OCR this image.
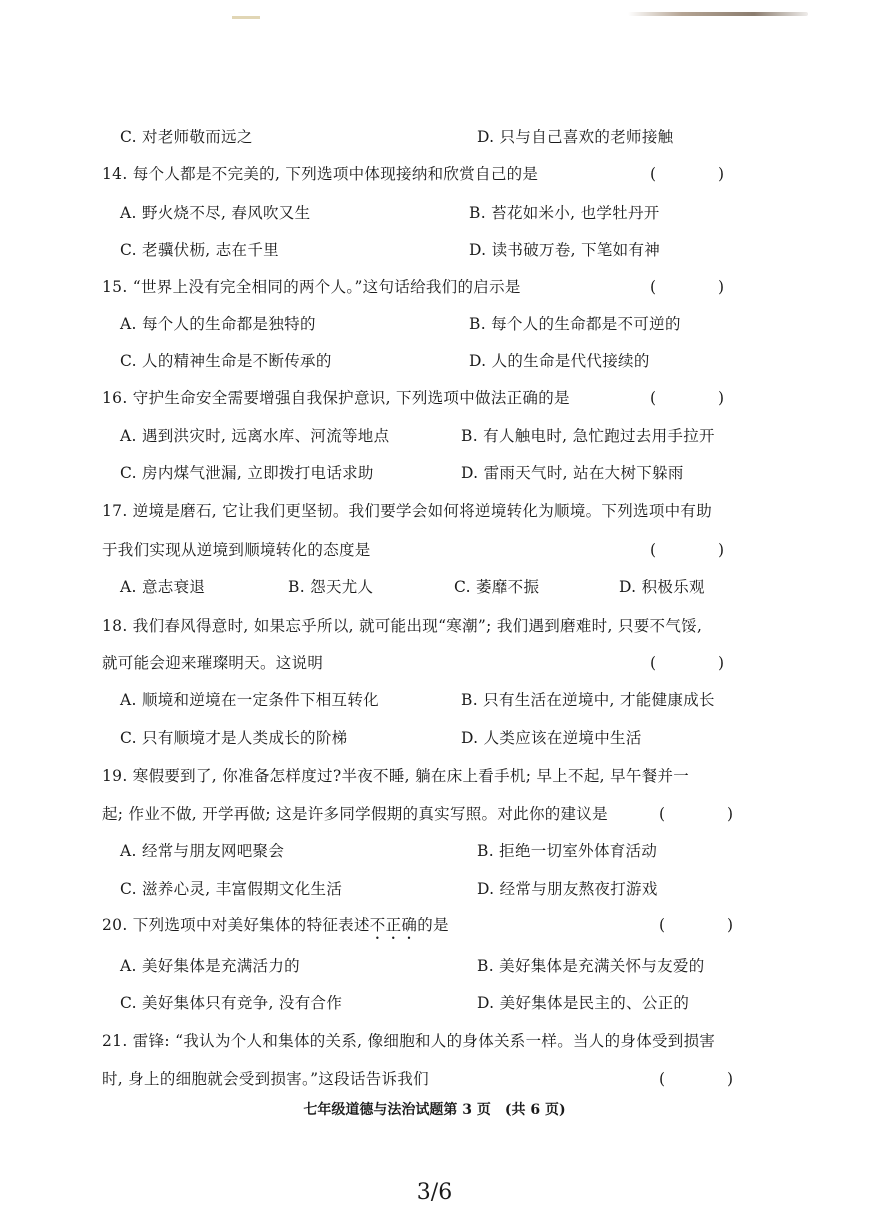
C. 对老师敬而远之	D. 只与自己喜欢的老师接触
14. 每个人都是不完美的, 下列选项中体现接纳和欣赏自己的是	(　　　　)
A. 野火烧不尽, 春风吹又生	B. 苔花如米小, 也学牡丹开
C. 老骥伏枥, 志在千里	D. 读书破万卷, 下笔如有神
15. “世界上没有完全相同的两个人。”这句话给我们的启示是	(　　　　)
A. 每个人的生命都是独特的	B. 每个人的生命都是不可逆的
C. 人的精神生命是不断传承的	D. 人的生命是代代接续的
16. 守护生命安全需要增强自我保护意识, 下列选项中做法正确的是	(　　　　)
A. 遇到洪灾时, 远离水库、河流等地点	B. 有人触电时, 急忙跑过去用手拉开
C. 房内煤气泄漏, 立即拨打电话求助	D. 雷雨天气时, 站在大树下躲雨
17. 逆境是磨石, 它让我们更坚韧。我们要学会如何将逆境转化为顺境。下列选项中有助
于我们实现从逆境到顺境转化的态度是	(　　　　)
A. 意志衰退	B. 怨天尤人	C. 萎靡不振	D. 积极乐观
18. 我们春风得意时, 如果忘乎所以, 就可能出现“寒潮”; 我们遇到磨难时, 只要不气馁,
就可能会迎来璀璨明天。这说明	(　　　　)
A. 顺境和逆境在一定条件下相互转化	B. 只有生活在逆境中, 才能健康成长
C. 只有顺境才是人类成长的阶梯	D. 人类应该在逆境中生活
19. 寒假要到了, 你准备怎样度过?半夜不睡, 躺在床上看手机; 早上不起, 早午餐并一
起; 作业不做, 开学再做; 这是许多同学假期的真实写照。对此你的建议是	(　　　　)
A. 经常与朋友网吧聚会	B. 拒绝一切室外体育活动
C. 滋养心灵, 丰富假期文化生活	D. 经常与朋友熬夜打游戏
20. 下列选项中对美好集体的特征表述不正确的是	(　　　　)
A. 美好集体是充满活力的	B. 美好集体是充满关怀与友爱的
C. 美好集体只有竞争, 没有合作	D. 美好集体是民主的、公正的
21. 雷锋: “我认为个人和集体的关系, 像细胞和人的身体关系一样。当人的身体受到损害
时, 身上的细胞就会受到损害。”这段话告诉我们	(　　　　)
七年级道德与法治试题第 3 页　(共 6 页)
3/6
